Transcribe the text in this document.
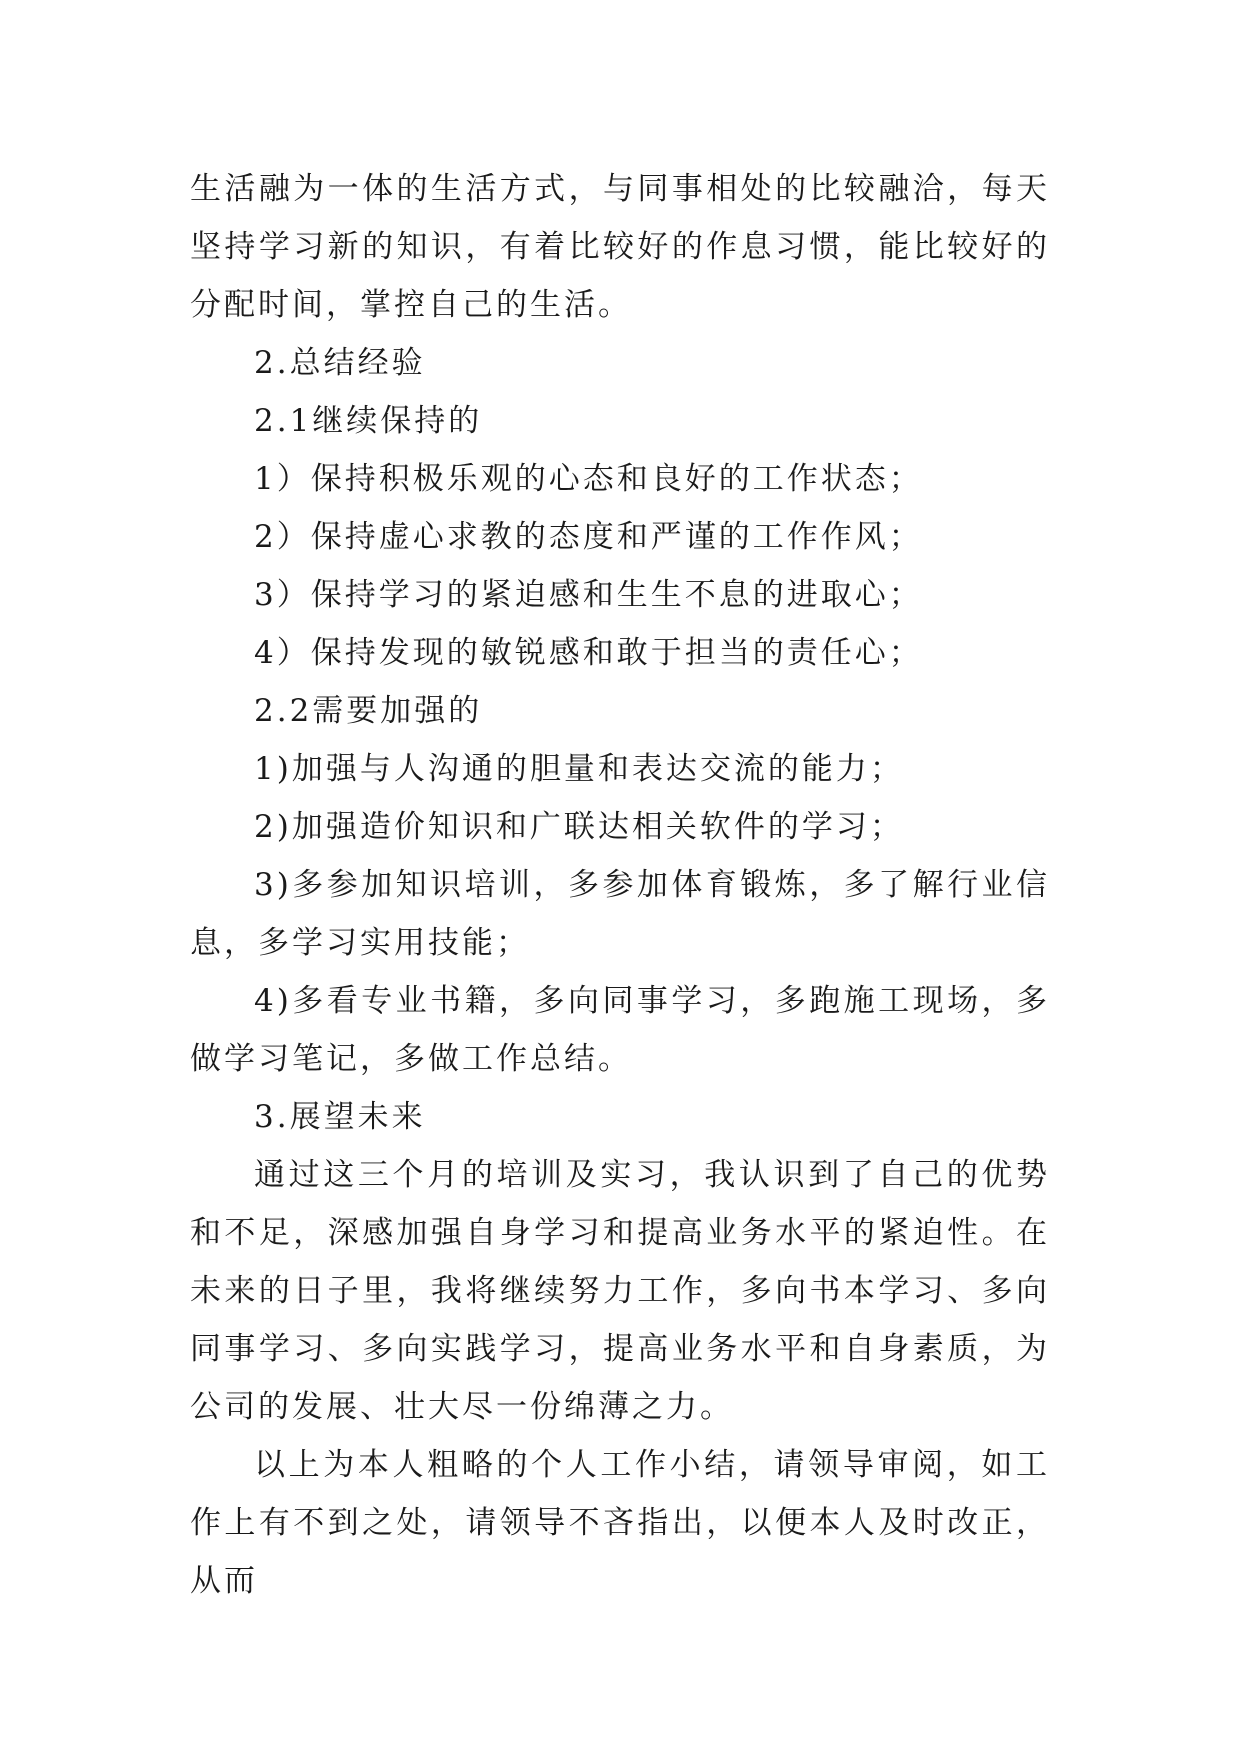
生活融为一体的生活方式，与同事相处的比较融洽，每天坚持学习新的知识，有着比较好的作息习惯，能比较好的分配时间，掌控自己的生活。

2.总结经验

2.1继续保持的

1）保持积极乐观的心态和良好的工作状态；

2）保持虚心求教的态度和严谨的工作作风；

3）保持学习的紧迫感和生生不息的进取心；

4）保持发现的敏锐感和敢于担当的责任心；

2.2需要加强的

1)加强与人沟通的胆量和表达交流的能力；

2)加强造价知识和广联达相关软件的学习；

3)多参加知识培训，多参加体育锻炼，多了解行业信息，多学习实用技能；

4)多看专业书籍，多向同事学习，多跑施工现场，多做学习笔记，多做工作总结。

3.展望未来

通过这三个月的培训及实习，我认识到了自己的优势和不足，深感加强自身学习和提高业务水平的紧迫性。在未来的日子里，我将继续努力工作，多向书本学习、多向同事学习、多向实践学习，提高业务水平和自身素质，为公司的发展、壮大尽一份绵薄之力。

以上为本人粗略的个人工作小结，请领导审阅，如工作上有不到之处，请领导不吝指出，以便本人及时改正，从而
